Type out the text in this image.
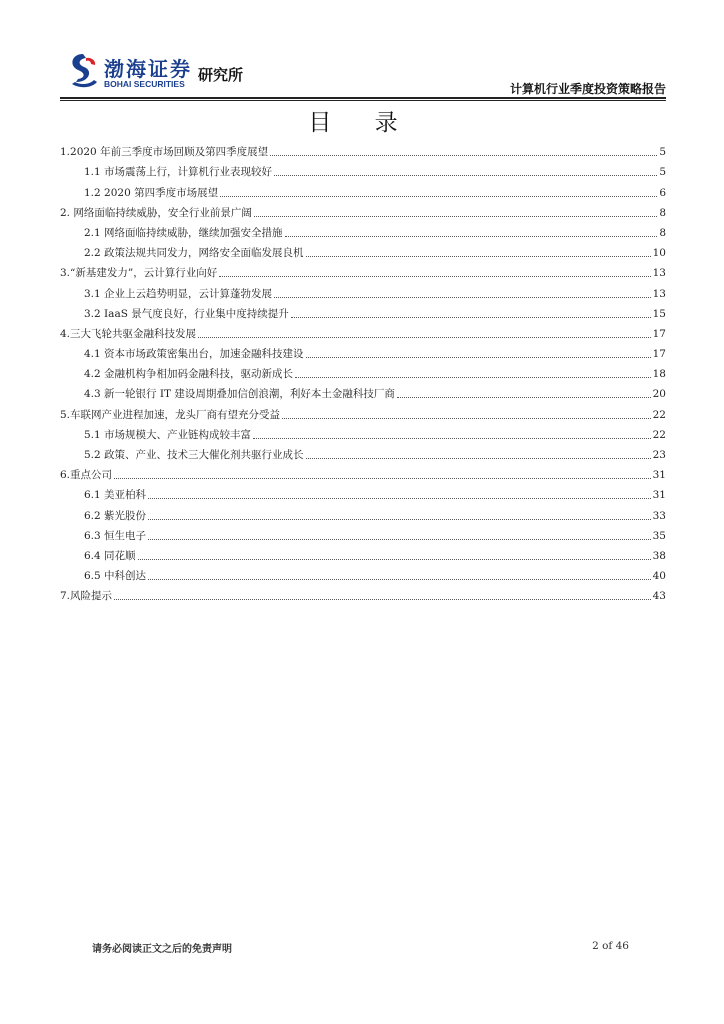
渤海证券
BOHAI SECURITIES 研究所
计算机行业季度投资策略报告
目 录
1.2020 年前三季度市场回顾及第四季度展望	5
1.1 市场震荡上行，计算机行业表现较好	5
1.2 2020 第四季度市场展望	6
2. 网络面临持续威胁，安全行业前景广阔	8
2.1 网络面临持续威胁，继续加强安全措施	8
2.2 政策法规共同发力，网络安全面临发展良机	10
3.“新基建发力”，云计算行业向好	13
3.1 企业上云趋势明显，云计算蓬勃发展	13
3.2 IaaS 景气度良好，行业集中度持续提升	15
4.三大飞轮共驱金融科技发展	17
4.1 资本市场政策密集出台，加速金融科技建设	17
4.2 金融机构争相加码金融科技，驱动新成长	18
4.3 新一轮银行 IT 建设周期叠加信创浪潮，利好本土金融科技厂商	20
5.车联网产业进程加速，龙头厂商有望充分受益	22
5.1 市场规模大、产业链构成较丰富	22
5.2 政策、产业、技术三大催化剂共驱行业成长	23
6.重点公司	31
6.1 美亚柏科	31
6.2 紫光股份	33
6.3 恒生电子	35
6.4 同花顺	38
6.5 中科创达	40
7.风险提示	43
请务必阅读正文之后的免责声明	2 of 46
